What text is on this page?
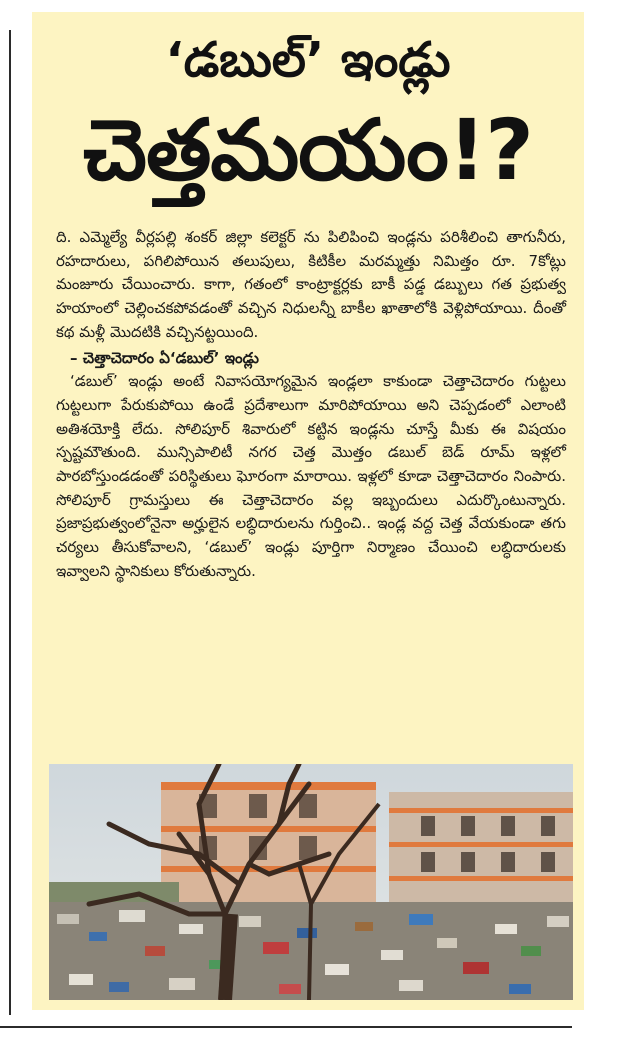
‘డబుల్’ ఇండ్లు
చెత్తమయం!?

ది. ఎమ్మెల్యే వీర్లపల్లి శంకర్ జిల్లా కలెక్టర్ ను పిలిపించి ఇండ్లను పరిశీలించి తాగునీరు, రహదారులు, పగిలిపోయిన తలుపులు, కిటికీల మరమ్మత్తు నిమిత్తం రూ. 7కోట్లు మంజూరు చేయించారు. కాగా, గతంలో కాంట్రాక్టర్లకు బాకీ పడ్డ డబ్బులు గత ప్రభుత్వ హయాంలో చెల్లించకపోవడంతో వచ్చిన నిధులన్నీ బాకీల ఖాతాలోకి వెళ్లిపోయాయి. దీంతో కథ మళ్లీ మొదటికి వచ్చినట్టయింది.

– చెత్తాచెదారం ఏ‘డబుల్’ ఇండ్లు

‘డబుల్’ ఇండ్లు అంటే నివాసయోగ్యమైన ఇండ్లలా కాకుండా చెత్తాచెదారం గుట్టలు గుట్టలుగా పేరుకుపోయి ఉండే ప్రదేశాలుగా మారిపోయాయి అని చెప్పడంలో ఎలాంటి అతిశయోక్తి లేదు. సోలిపూర్ శివారులో కట్టిన ఇండ్లను చూస్తే మీకు ఈ విషయం స్పష్టమౌతుంది. మున్సిపాలిటీ నగర చెత్త మొత్తం డబుల్ బెడ్ రూమ్ ఇళ్లలో పారబోస్తుండడంతో పరిస్థితులు ఘోరంగా మారాయి. ఇళ్లలో కూడా చెత్తాచెదారం నింపారు. సోలిపూర్ గ్రామస్తులు ఈ చెత్తాచెదారం వల్ల ఇబ్బందులు ఎదుర్కొంటున్నారు. ప్రజాప్రభుత్వంలోనైనా అర్హులైన లబ్ధిదారులను గుర్తించి.. ఇండ్ల వద్ద చెత్త వేయకుండా తగు చర్యలు తీసుకోవాలని, ‘డబుల్’ ఇండ్లు పూర్తిగా నిర్మాణం చేయించి లబ్ధిదారులకు ఇవ్వాలని స్థానికులు కోరుతున్నారు.
